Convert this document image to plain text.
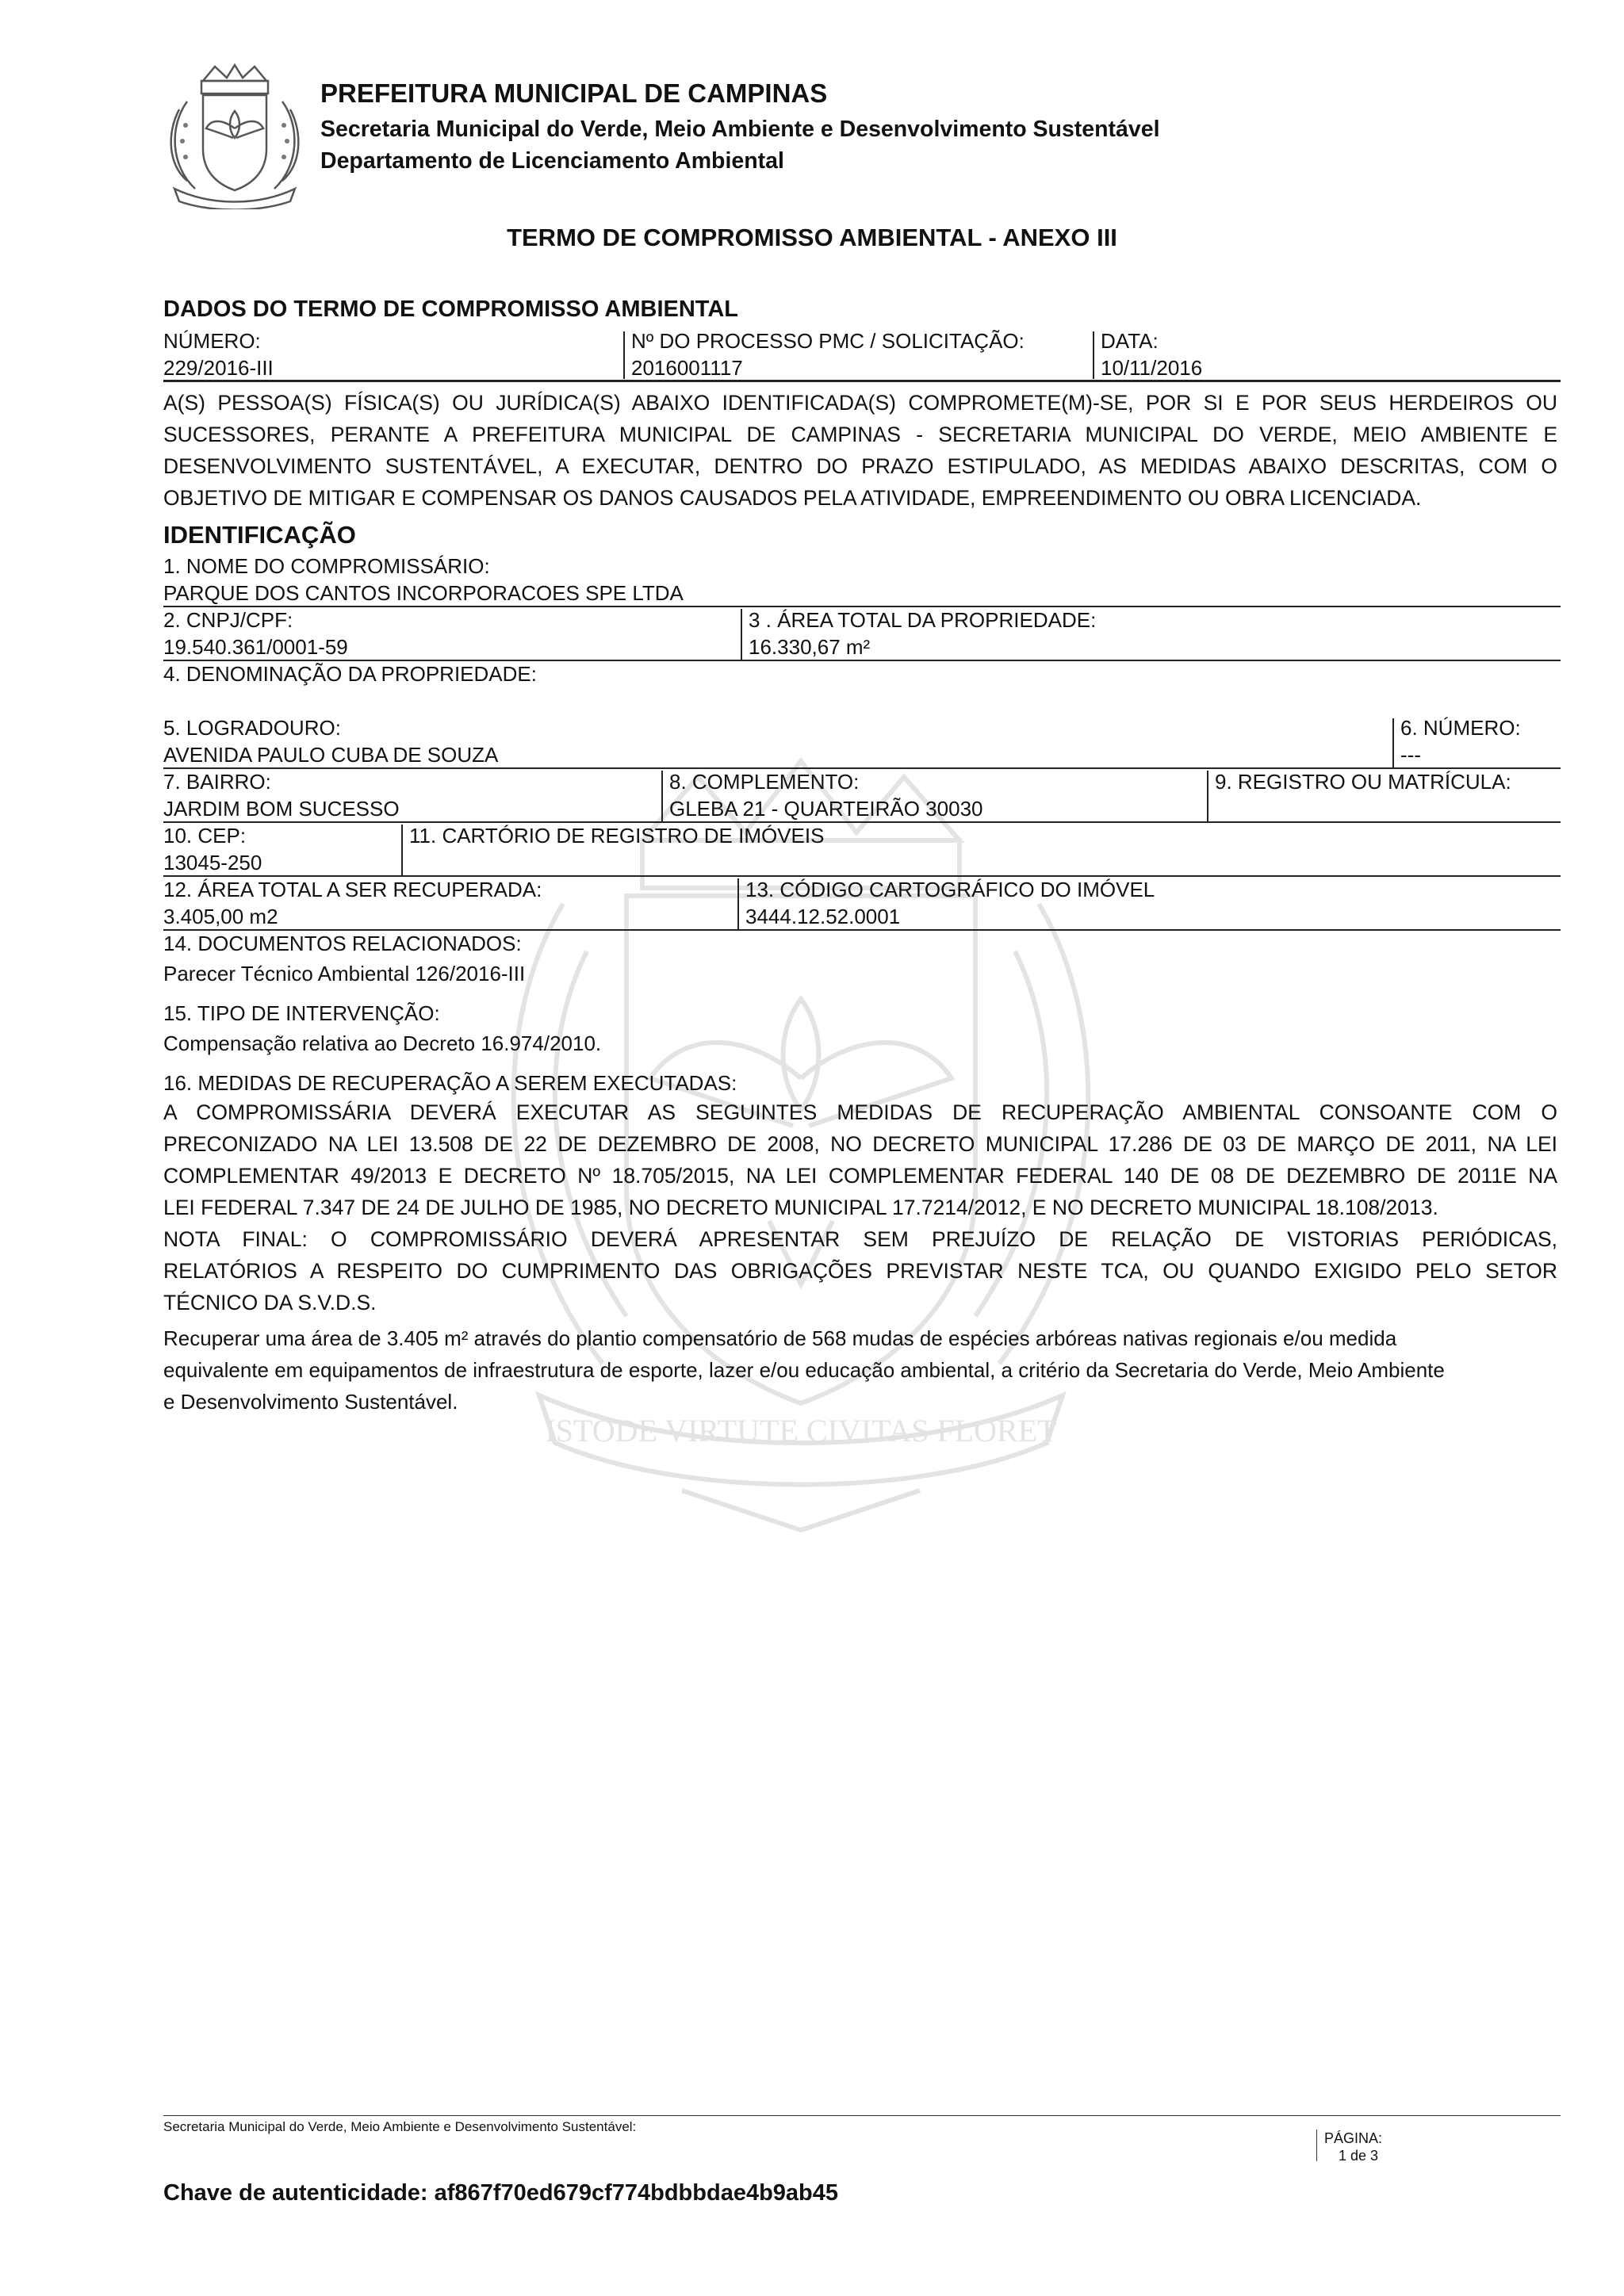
ISTODE VIRTUTE CIVITAS FLORET
PREFEITURA MUNICIPAL DE CAMPINAS
Secretaria Municipal do Verde, Meio Ambiente e Desenvolvimento Sustentável
Departamento de Licenciamento Ambiental
TERMO DE COMPROMISSO AMBIENTAL - ANEXO III
DADOS DO TERMO DE COMPROMISSO AMBIENTAL
NÚMERO:
229/2016-III
Nº DO PROCESSO PMC / SOLICITAÇÃO:
2016001117
DATA:
10/11/2016
A(S) PESSOA(S) FÍSICA(S) OU JURÍDICA(S) ABAIXO IDENTIFICADA(S) COMPROMETE(M)-SE, POR SI E POR SEUS HERDEIROS OU
SUCESSORES, PERANTE A PREFEITURA MUNICIPAL DE CAMPINAS - SECRETARIA MUNICIPAL DO VERDE, MEIO AMBIENTE E
DESENVOLVIMENTO SUSTENTÁVEL, A EXECUTAR, DENTRO DO PRAZO ESTIPULADO, AS MEDIDAS ABAIXO DESCRITAS, COM O
OBJETIVO DE MITIGAR E COMPENSAR OS DANOS CAUSADOS PELA ATIVIDADE, EMPREENDIMENTO OU OBRA LICENCIADA.
IDENTIFICAÇÃO
1. NOME DO COMPROMISSÁRIO:
PARQUE DOS CANTOS INCORPORACOES SPE LTDA
2. CNPJ/CPF:
19.540.361/0001-59
3 . ÁREA TOTAL DA PROPRIEDADE:
16.330,67 m²
4. DENOMINAÇÃO DA PROPRIEDADE:
5. LOGRADOURO:
AVENIDA PAULO CUBA DE SOUZA
6. NÚMERO:
---
7. BAIRRO:
JARDIM BOM SUCESSO
8. COMPLEMENTO:
GLEBA 21 - QUARTEIRÃO 30030
9. REGISTRO OU MATRÍCULA:
10. CEP:
13045-250
11. CARTÓRIO DE REGISTRO DE IMÓVEIS
12. ÁREA TOTAL A SER RECUPERADA:
3.405,00 m2
13. CÓDIGO CARTOGRÁFICO DO IMÓVEL
3444.12.52.0001
14. DOCUMENTOS RELACIONADOS:
Parecer Técnico Ambiental 126/2016-III
15. TIPO DE INTERVENÇÃO:
Compensação relativa ao Decreto 16.974/2010.
16. MEDIDAS DE RECUPERAÇÃO A SEREM EXECUTADAS:
A COMPROMISSÁRIA DEVERÁ EXECUTAR AS SEGUINTES MEDIDAS DE RECUPERAÇÃO AMBIENTAL CONSOANTE COM O
PRECONIZADO NA LEI 13.508 DE 22 DE DEZEMBRO DE 2008, NO DECRETO MUNICIPAL 17.286 DE 03 DE MARÇO DE 2011, NA LEI
COMPLEMENTAR 49/2013 E DECRETO Nº 18.705/2015, NA LEI COMPLEMENTAR FEDERAL 140 DE 08 DE DEZEMBRO DE 2011E NA
LEI FEDERAL 7.347 DE 24 DE JULHO DE 1985, NO DECRETO MUNICIPAL 17.7214/2012, E NO DECRETO MUNICIPAL 18.108/2013.
NOTA FINAL: O COMPROMISSÁRIO DEVERÁ APRESENTAR SEM PREJUÍZO DE RELAÇÃO DE VISTORIAS PERIÓDICAS,
RELATÓRIOS A RESPEITO DO CUMPRIMENTO DAS OBRIGAÇÕES PREVISTAR NESTE TCA, OU QUANDO EXIGIDO PELO SETOR
TÉCNICO DA S.V.D.S.
Recuperar uma área de 3.405 m² através do plantio compensatório de 568 mudas de espécies arbóreas nativas regionais e/ou medida
equivalente em equipamentos de infraestrutura de esporte, lazer e/ou educação ambiental, a critério da Secretaria do Verde, Meio Ambiente
e Desenvolvimento Sustentável.
Secretaria Municipal do Verde, Meio Ambiente e Desenvolvimento Sustentável:
PÁGINA:
1 de 3
Chave de autenticidade: af867f70ed679cf774bdbbdae4b9ab45
